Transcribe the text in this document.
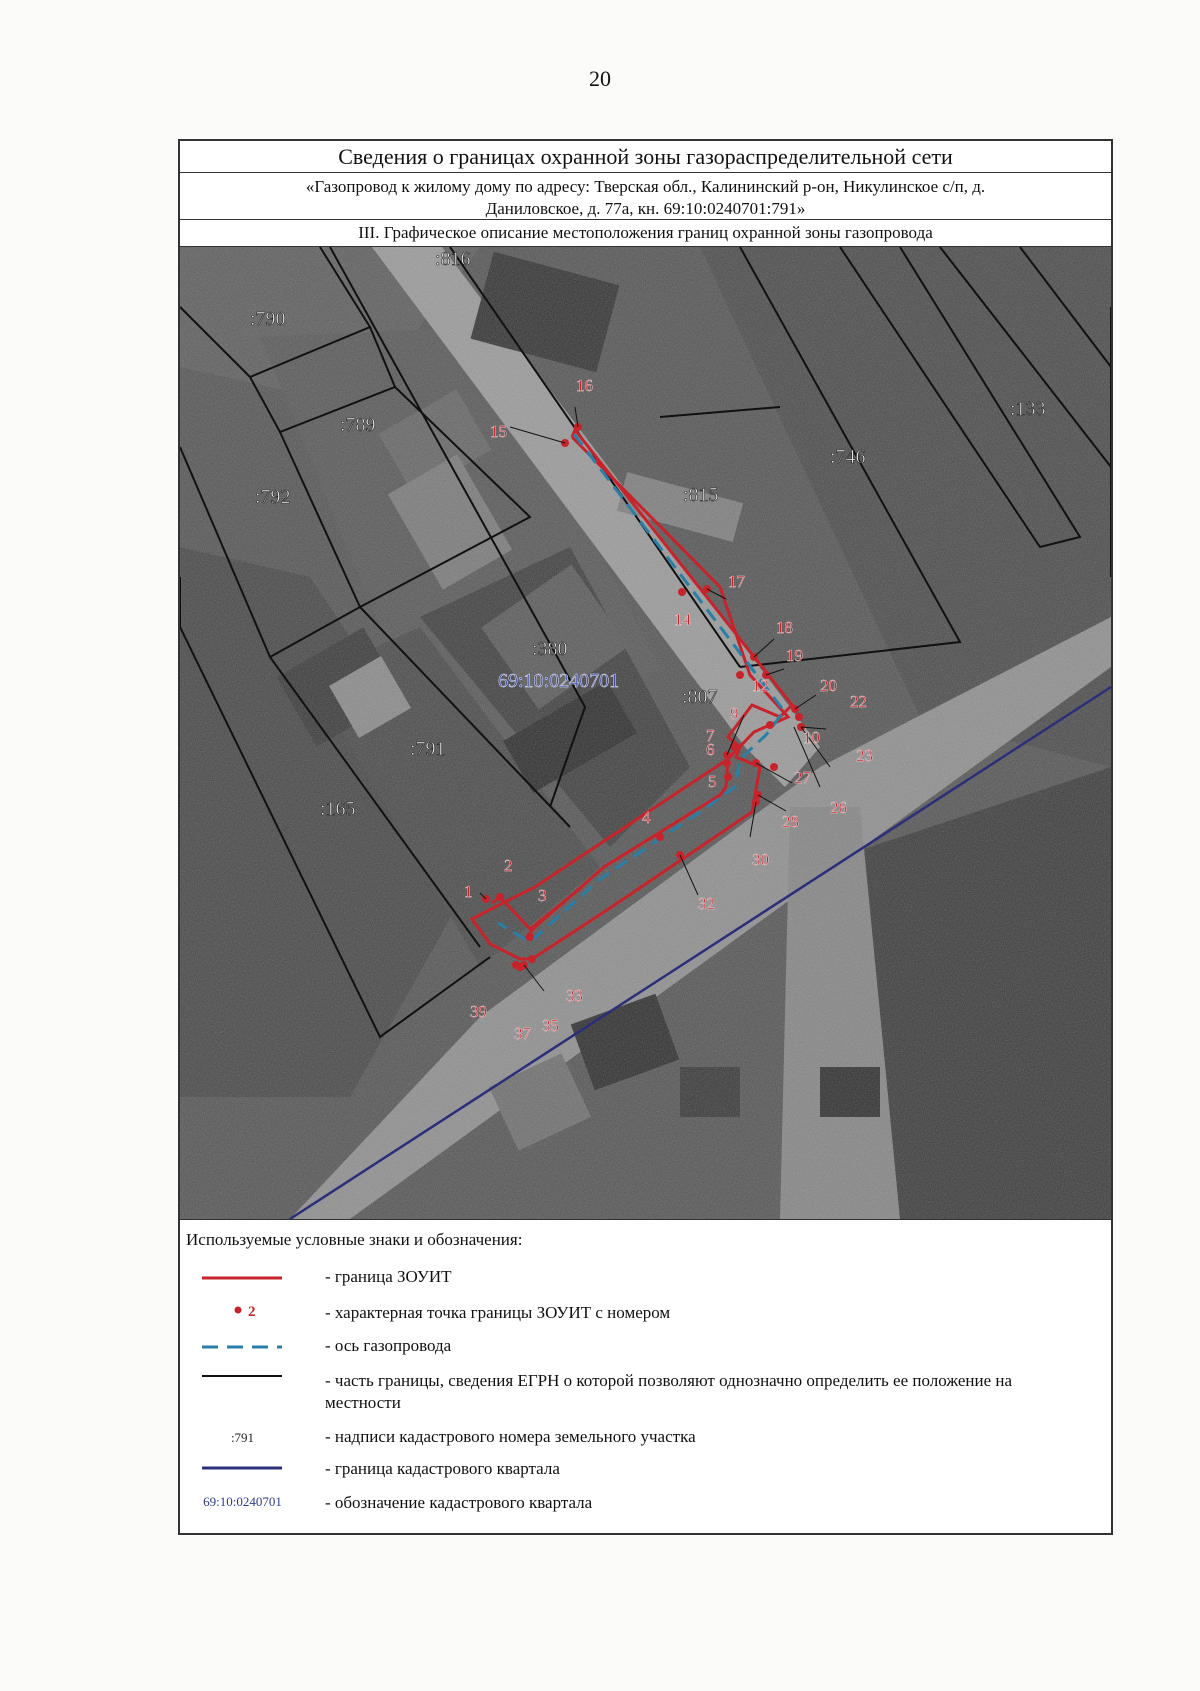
20
Сведения о границах охранной зоны газораспределительной сети
«Газопровод к жилому дому по адресу: Тверская обл., Калининский р-он, Никулинское с/п, д.
Даниловское, д. 77а, кн. 69:10:0240701:791»
III. Графическое описание местоположения границ охранной зоны газопровода
:816
:790
:789
:792	:815
:746
:133
:380
:807
:791
:165
69:10:0240701
1
2
3
4
5
6
7
9
10
12
14
15
16
17
18
19
20
22
23
26
27
28
30
32
33
35
37
39
Используемые условные знаки и обозначения:
- граница ЗОУИТ
2	- характерная точка границы ЗОУИТ с номером
- ось газопровода
- часть границы, сведения ЕГРН о которой позволяют однозначно определить ее положение на местности
:791	- надписи кадастрового номера земельного участка
- граница кадастрового квартала
69:10:0240701	- обозначение кадастрового квартала
